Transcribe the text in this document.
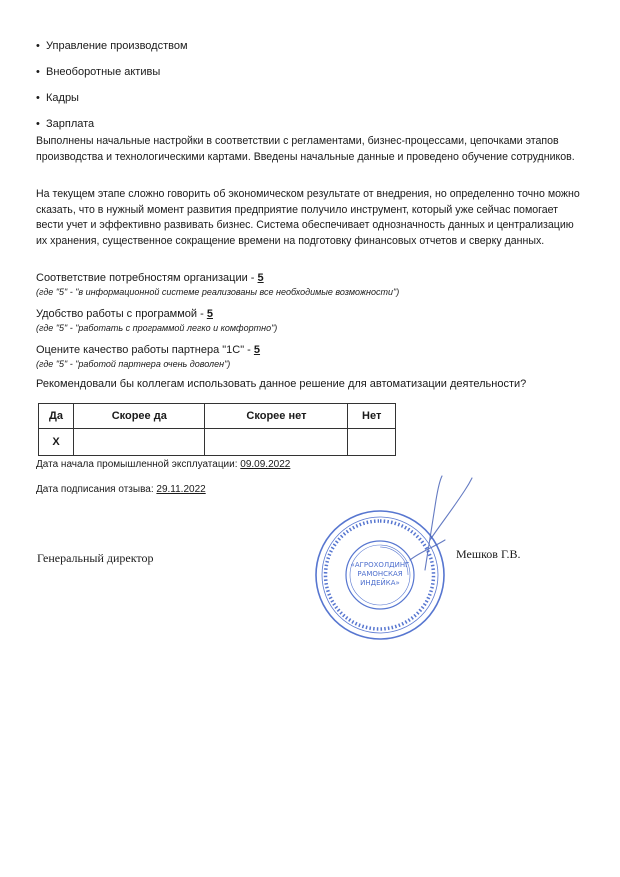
• Управление производством
• Внеоборотные активы
• Кадры
• Зарплата
Выполнены начальные настройки в соответствии с регламентами, бизнес-процессами, цепочками этапов производства и технологическими картами. Введены начальные данные и проведено обучение сотрудников.
На текущем этапе сложно говорить об экономическом результате от внедрения, но определенно точно можно сказать, что в нужный момент развития предприятие получило инструмент, который уже сейчас помогает вести учет и эффективно развивать бизнес. Система обеспечивает однозначность данных и централизацию их хранения, существенное сокращение времени на подготовку финансовых отчетов и сверку данных.
Соответствие потребностям организации - 5
(где "5" - "в информационной системе реализованы все необходимые возможности")
Удобство работы с программой - 5
(где "5" - "работать с программой легко и комфортно")
Оцените качество работы партнера "1С" - 5
(где "5" - "работой партнера очень доволен")
Рекомендовали бы коллегам использовать данное решение для автоматизации деятельности?
Да	Скорее да	Скорее нет	Нет
X			
Дата начала промышленной эксплуатации: 09.09.2022
Дата подписания отзыва: 29.11.2022
Генеральный директор	«АГРОХОЛДИНГ
РАМОНСКАЯ
ИНДЕЙКА»
Мешков Г.В.
